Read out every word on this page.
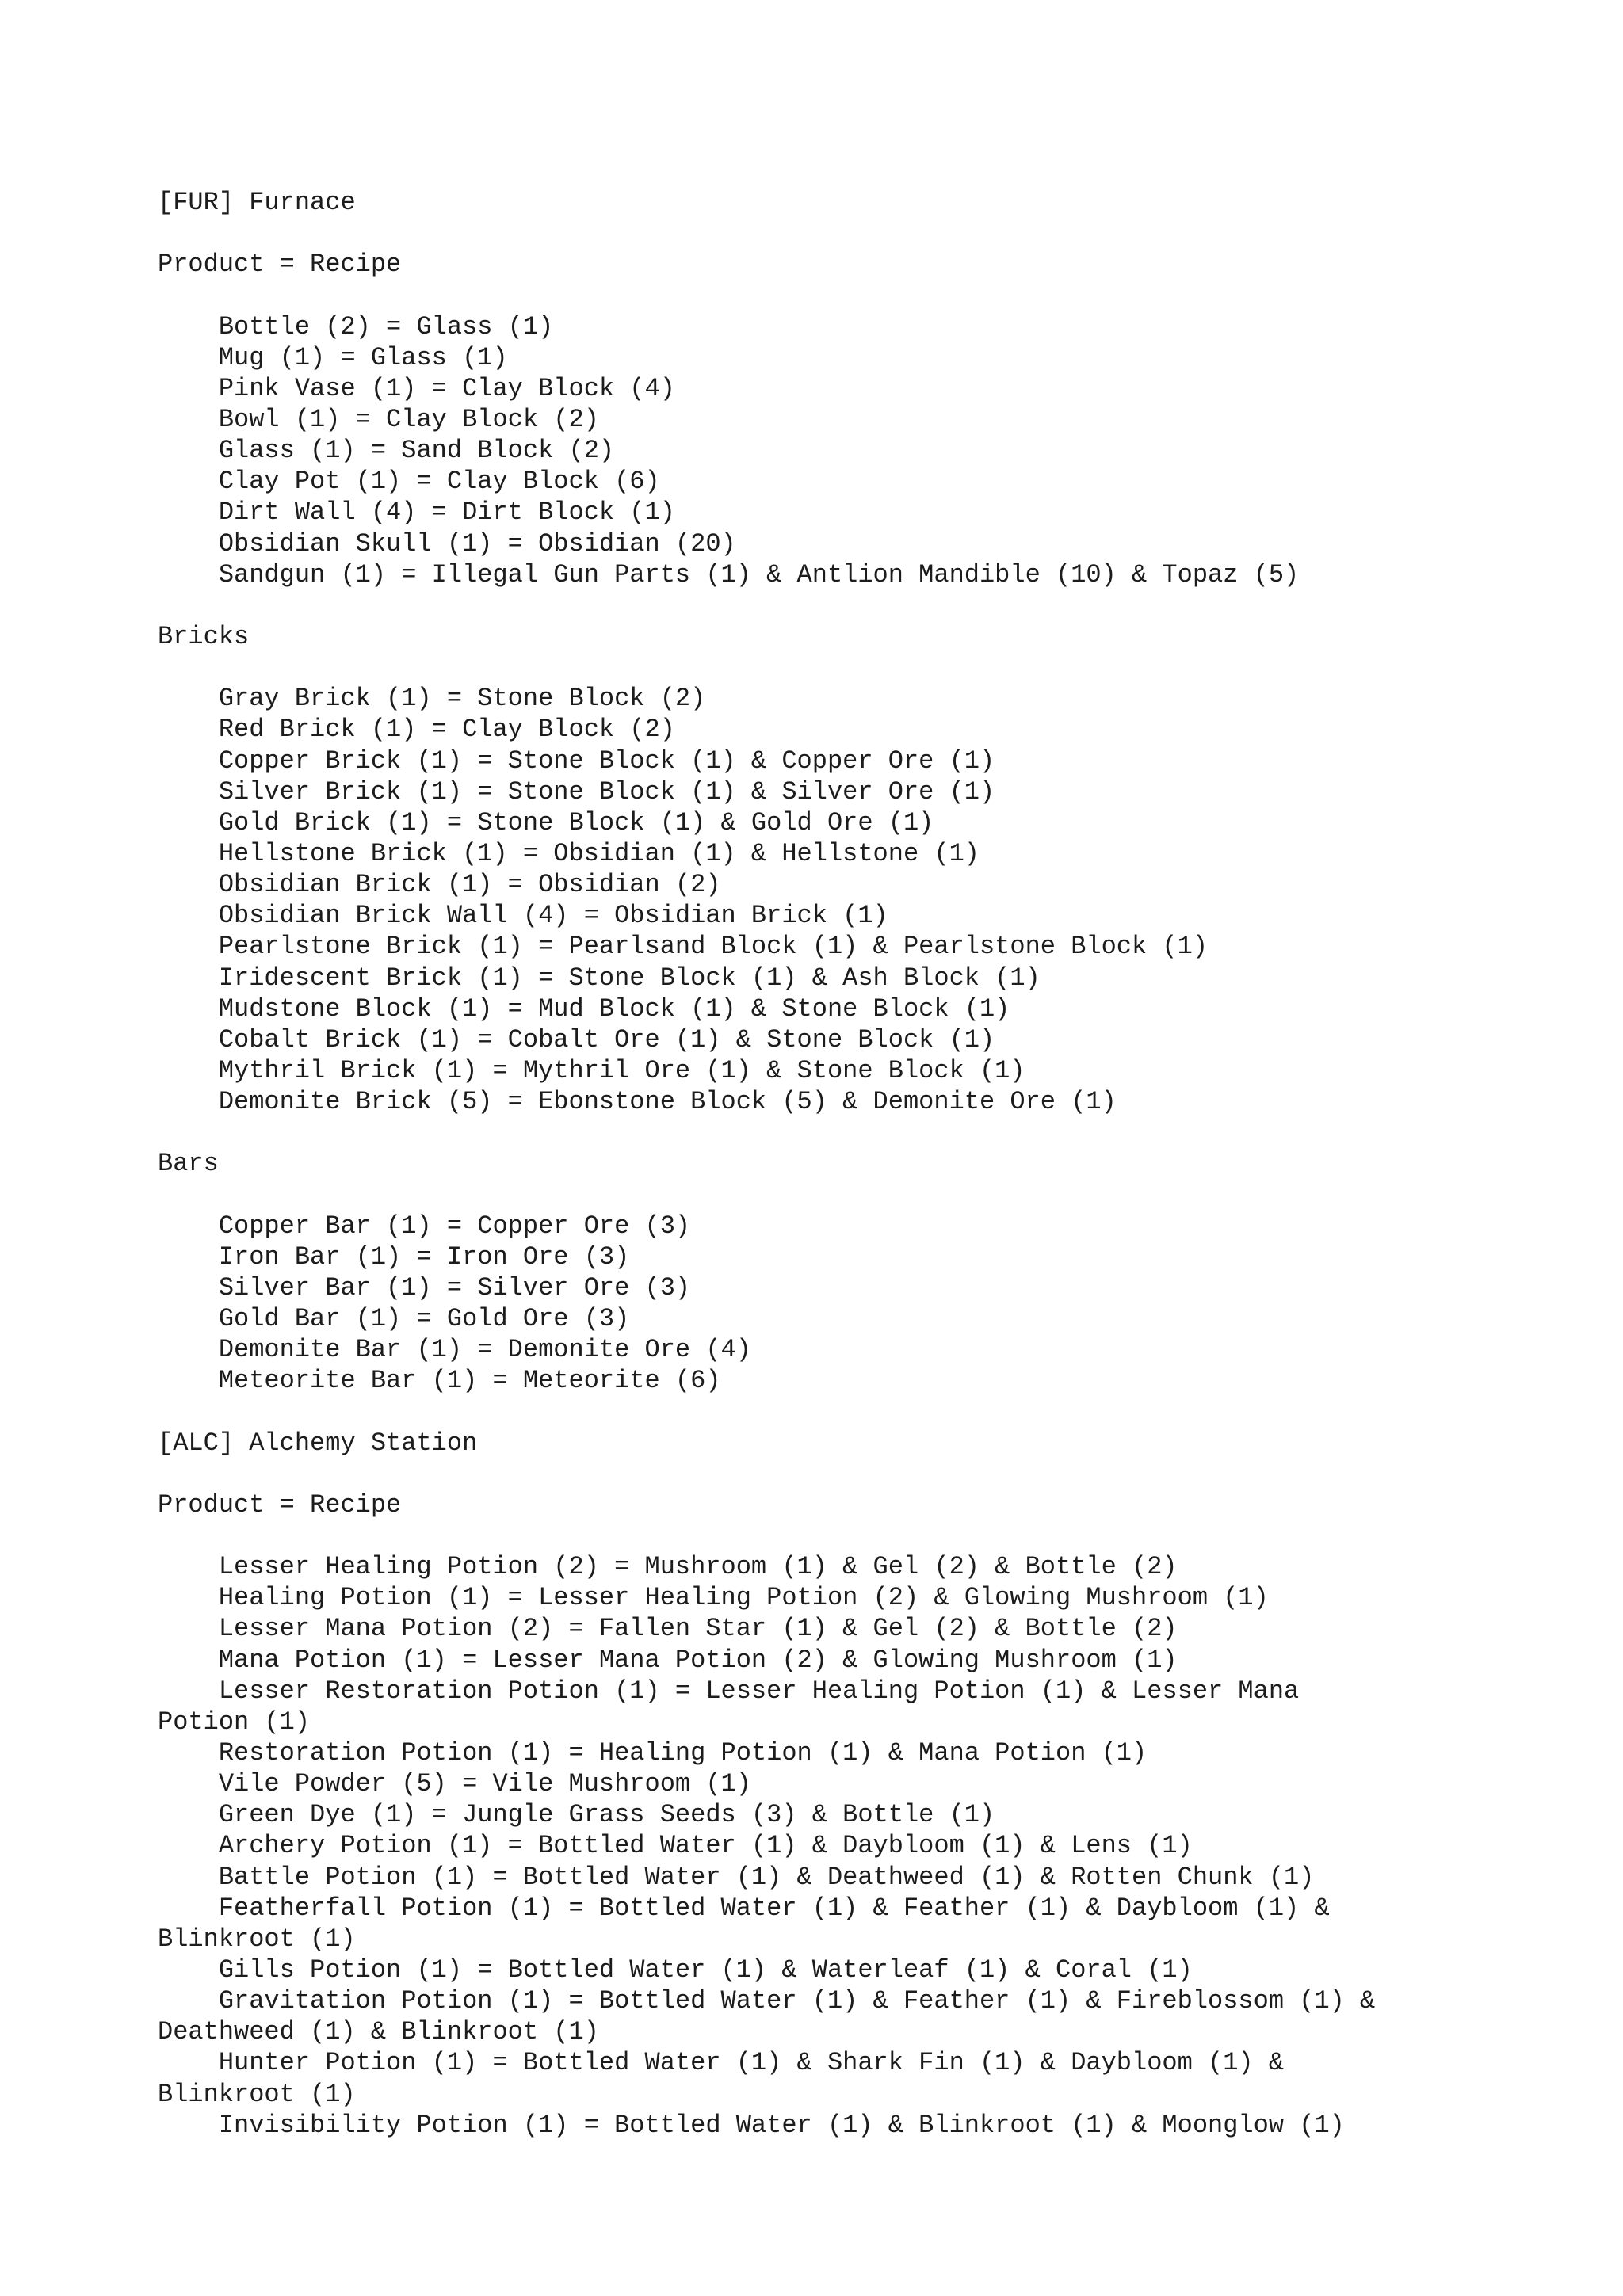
[FUR] Furnace
Product = Recipe
Bottle (2) = Glass (1)
Mug (1) = Glass (1)
Pink Vase (1) = Clay Block (4)
Bowl (1) = Clay Block (2)
Glass (1) = Sand Block (2)
Clay Pot (1) = Clay Block (6)
Dirt Wall (4) = Dirt Block (1)
Obsidian Skull (1) = Obsidian (20)
Sandgun (1) = Illegal Gun Parts (1) & Antlion Mandible (10) & Topaz (5)
Bricks
Gray Brick (1) = Stone Block (2)
Red Brick (1) = Clay Block (2)
Copper Brick (1) = Stone Block (1) & Copper Ore (1)
Silver Brick (1) = Stone Block (1) & Silver Ore (1)
Gold Brick (1) = Stone Block (1) & Gold Ore (1)
Hellstone Brick (1) = Obsidian (1) & Hellstone (1)
Obsidian Brick (1) = Obsidian (2)
Obsidian Brick Wall (4) = Obsidian Brick (1)
Pearlstone Brick (1) = Pearlsand Block (1) & Pearlstone Block (1)
Iridescent Brick (1) = Stone Block (1) & Ash Block (1)
Mudstone Block (1) = Mud Block (1) & Stone Block (1)
Cobalt Brick (1) = Cobalt Ore (1) & Stone Block (1)
Mythril Brick (1) = Mythril Ore (1) & Stone Block (1)
Demonite Brick (5) = Ebonstone Block (5) & Demonite Ore (1)
Bars
Copper Bar (1) = Copper Ore (3)
Iron Bar (1) = Iron Ore (3)
Silver Bar (1) = Silver Ore (3)
Gold Bar (1) = Gold Ore (3)
Demonite Bar (1) = Demonite Ore (4)
Meteorite Bar (1) = Meteorite (6)
[ALC] Alchemy Station
Product = Recipe
Lesser Healing Potion (2) = Mushroom (1) & Gel (2) & Bottle (2)
Healing Potion (1) = Lesser Healing Potion (2) & Glowing Mushroom (1)
Lesser Mana Potion (2) = Fallen Star (1) & Gel (2) & Bottle (2)
Mana Potion (1) = Lesser Mana Potion (2) & Glowing Mushroom (1)
Lesser Restoration Potion (1) = Lesser Healing Potion (1) & Lesser Mana
Potion (1)
Restoration Potion (1) = Healing Potion (1) & Mana Potion (1)
Vile Powder (5) = Vile Mushroom (1)
Green Dye (1) = Jungle Grass Seeds (3) & Bottle (1)
Archery Potion (1) = Bottled Water (1) & Daybloom (1) & Lens (1)
Battle Potion (1) = Bottled Water (1) & Deathweed (1) & Rotten Chunk (1)
Featherfall Potion (1) = Bottled Water (1) & Feather (1) & Daybloom (1) &
Blinkroot (1)
Gills Potion (1) = Bottled Water (1) & Waterleaf (1) & Coral (1)
Gravitation Potion (1) = Bottled Water (1) & Feather (1) & Fireblossom (1) &
Deathweed (1) & Blinkroot (1)
Hunter Potion (1) = Bottled Water (1) & Shark Fin (1) & Daybloom (1) &
Blinkroot (1)
Invisibility Potion (1) = Bottled Water (1) & Blinkroot (1) & Moonglow (1)
